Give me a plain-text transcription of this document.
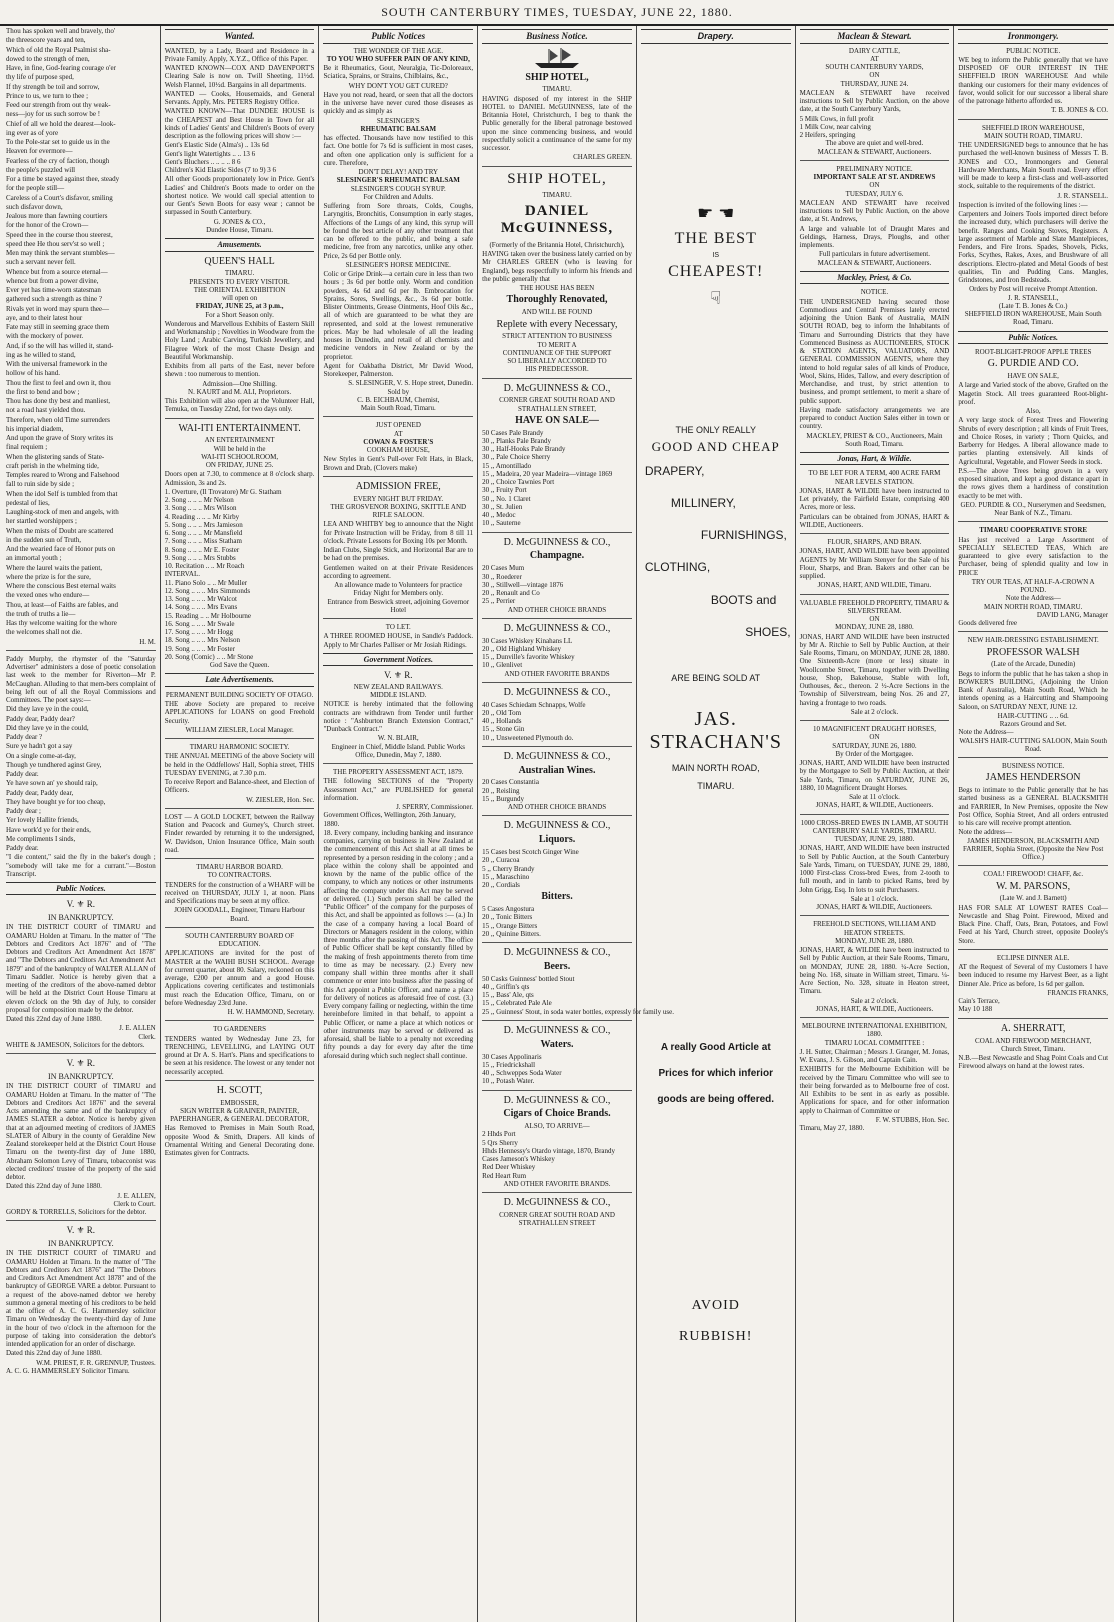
SOUTH CANTERBURY TIMES, TUESDAY, JUNE 22, 1880.

Thou has spoken well and bravely, tho'

the threescore years and ten,

Which of old the Royal Psalmist sha-

dowed to the strength of men,

Have, in fine, God-fearing courage o'er

thy life of purpose sped,

If thy strength be toil and sorrow,

Prince to us, we turn to thee ;

Feed our strength from out thy weak-

ness—joy for us such sorrow be !

Chief of all we hold the dearest—look-

ing ever as of yore

To the Pole-star set to guide us in the

Heaven for evermore—

Fearless of the cry of faction, though

the people's puzzled will

For a time be stayed against thee, steady

for the people still—

Careless of a Court's disfavor, smiling

such disfavor down,

Jealous more than fawning courtiers

for the honor of the Crown—

Speed thee in the course thou steerest,

speed thee He thou serv'st so well ;

Men may think the servant stumbles—

such a servant never fell.

Whence but from a source eternal—

whence but from a power divine,

Ever yet has time-worn statesman

gathered such a strength as thine ?

Rivals yet in word may spurn thee—

aye, and to their latest hour

Fate may still in seeming grace them

with the mockery of power.

And, if so the will has willed it, stand-

ing as he willed to stand,

With the universal framework in the

hollow of his hand.

Thou the first to feel and own it, thou

the first to bend and bow ;

Thou has done thy best and manliest,

not a road hast yielded thou.

Therefore, when old Time surrenders

his imperial diadem,

And upon the grave of Story writes its

final requiem ;

When the glistering sands of State-

craft perish in the whelming tide,

Temples reared to Wrong and Falsehood

fall to ruin side by side ;

When the idol Self is tumbled from that

pedestal of lies,

Laughing-stock of men and angels, with

her startled worshippers ;

When the mists of Doubt are scattered

in the sudden sun of Truth,

And the wearied face of Honor puts on

an immortal youth ;

Where the laurel waits the patient,

where the prize is for the sure,

Where the conscious Best eternal waits

the vexed ones who endure—

Thou, at least—of Faiths are fables, and

the truth of truths a lie—

Has thy welcome waiting for the whore

the welcomes shall not die.

H. M.

Paddy Murphy, the rhymster of the "Saturday Advertiser" administers a dose of poetic consolation last week to the member for Riverton—Mr P. McCaughan. Alluding to that mem-bers complaint of being left out of all the Royal Commissions and Committees. The poet says:—

Did they lave ye in the could,

Paddy dear, Paddy dear?

Did they lave ye in the could,

Paddy dear ?

Sure ye hadn't got a say

On a single come-at-day,

Though ye tundhered aginst Grey,

Paddy dear.

Ye have sown an' ye should raip,

Paddy dear, Paddy dear,

They have bought ye for too cheap,

Paddy dear ;

Yer lovely Hallite friends,

Have work'd ye for their ends,

Me compliments I sinds,

Paddy dear.

"I die content," said the fly in the baker's dough ; "somebody will take me for a currant."—Boston Transcript.

Public Notices.
V. ⚜ R.
IN BANKRUPTCY.

IN THE DISTRICT COURT of TIMARU and OAMARU Holden at Timaru. In the matter of "The Debtors and Creditors Act 1876" and of "The Debtors and Creditors Act Amendment Act 1878" and "The Debtors and Creditors Act Amendment Act 1879" and of the bankruptcy of WALTER ALLAN of Timaru Saddler. Notice is hereby given that a meeting of the creditors of the above-named debtor will be held at the District Court House Timaru at eleven o'clock on the 9th day of July, to consider proposal for composition made by the debtor.

Dated this 22nd day of June 1880.

J. E. ALLEN
Clerk.
WHITE & JAMESON, Solicitors for the debtors.
V. ⚜ R.
IN BANKRUPTCY.

IN THE DISTRICT COURT of TIMARU and OAMARU Holden at Timaru. In the matter of "The Debtors and Creditors Act 1876" and the several Acts amending the same and of the bankruptcy of JAMES SLATER a debtor. Notice is hereby given that at an adjourned meeting of creditors of JAMES SLATER of Albury in the county of Geraldine New Zealand storekeeper held at the District Court House Timaru on the twenty-first day of June 1880, Abraham Solomon Levy of Timaru, tobacconist was elected creditors' trustee of the property of the said debtor.

Dated this 22nd day of June 1880.

J. E. ALLEN,
Clerk to Court.
GORDY & TORRELLS, Solicitors for the debtor.
V. ⚜ R.
IN BANKRUPTCY.

IN THE DISTRICT COURT of TIMARU and OAMARU Holden at Timaru. In the matter of "The Debtors and Creditors Act 1876" and "The Debtors and Creditors Act Amendment Act 1878" and of the bankruptcy of GEORGE VARE a debtor. Pursuant to a request of the above-named debtor we hereby summon a general meeting of his creditors to be held at the office of A. C. G. Hammersley solicitor Timaru on Wednesday the twenty-third day of June in the hour of two o'clock in the afternoon for the purpose of taking into consideration the debtor's intended application for an order of discharge.

Dated this 22nd day of June 1880.

W.M. PRIEST, F. R. GRENNUP, Trustees.
A. C. G. HAMMERSLEY Solicitor Timaru.
Wanted.

WANTED, by a Lady, Board and Residence in a Private Family. Apply, X.Y.Z., Office of this Paper.

WANTED KNOWN—COX AND DAVENPORT'S Clearing Sale is now on. Twill Sheeting, 11½d. Welsh Flannel, 10½d. Bargains in all departments.

WANTED — Cooks, Housemaids, and General Servants. Apply, Mrs. PETERS Registry Office.

WANTED KNOWN—That DUNDEE HOUSE is the CHEAPEST and Best House in Town for all kinds of Ladies' Gents' and Children's Boots of every description as the following prices will show :—

Gent's Elastic Side (Alma's) .. 13s 6d
Gent's light Watertights .. .. 13 6
Gent's Bluchers .. .. .. .. 8 6
Children's Kid Elastic Sides (7 to 9) 3 6

All other Goods proportionately low in Price. Gent's Ladies' and Children's Boots made to order on the shortest notice. We would call special attention to our Gent's Sewn Boots for easy wear ; cannot be surpassed in South Canterbury.

G. JONES & CO.,
Dundee House, Timaru.
Amusements.
QUEEN'S HALL
TIMARU.
PRESENTS TO EVERY VISITOR.
THE ORIENTAL EXHIBITION
will open on
FRIDAY, JUNE 25, at 3 p.m.,
For a Short Season only.

Wonderous and Marvellous Exhibits of Eastern Skill and Workmanship ; Novelties in Woodware from the Holy Land ; Arabic Carving, Turkish Jewellery, and Filagree Work of the most Chaste Design and Beautiful Workmanship.

Exhibits from all parts of the East, never before shewn : too numerous to mention.

Admission—One Shilling.
N. KAURT and M. ALI, Proprietors.

This Exhibition will also open at the Volunteer Hall, Temuka, on Tuesday 22nd, for two days only.

WAI-ITI ENTERTAINMENT.
AN ENTERTAINMENT
Will be held in the
WAI-ITI SCHOOLROOM,
ON FRIDAY, JUNE 25.

Doors open at 7.30, to commence at 8 o'clock sharp. Admission, 3s and 2s.

1. Overture, (Il Trovatore) Mr G. Statham
2. Song .. .. .. Mr Nelson
3. Song .. .. .. Mrs Wilson
4. Reading .. .. .. Mr Kirby
5. Song .. .. .. Mrs Jamieson
6. Song .. .. .. Mr Mansfield
7. Song .. .. .. Miss Statham
8. Song .. .. .. Mr E. Foster
9. Song .. .. .. Mrs Stubbs
10. Recitation .. .. Mr Roach
INTERVAL.
11. Piano Solo .. .. Mr Muller
12. Song .. .. .. Mrs Simmonds
13. Song .. .. .. Mr Walcot
14. Song .. .. .. Mrs Evans
15. Reading .. .. Mr Holbourne
16. Song .. .. .. Mr Swale
17. Song .. .. .. Mr Hogg
18. Song .. .. .. Mrs Nelson
19. Song .. .. .. Mr Foster
20. Song (Comic) .. .. Mr Stone
God Save the Queen.
Late Advertisements.
PERMANENT BUILDING SOCIETY OF OTAGO.

THE above Society are prepared to receive APPLICATIONS for LOANS on good Freehold Security.

WILLIAM ZIESLER, Local Manager.
TIMARU HARMONIC SOCIETY.

THE ANNUAL MEETING of the above Society will be held in the Oddfellows' Hall, Sophia street, THIS TUESDAY EVENING, at 7.30 p.m.

To receive Report and Balance-sheet, and Election of Officers.

W. ZIESLER, Hon. Sec.

LOST — A GOLD LOCKET, between the Railway Station and Peacock and Gurney's, Church street. Finder rewarded by returning it to the undersigned, W. Davidson, Union Insurance Office, Main south road.

TIMARU HARBOR BOARD.
TO CONTRACTORS.

TENDERS for the construction of a WHARF will be received on THURSDAY, JULY 1, at noon. Plans and Specifications may be seen at my office.

JOHN GOODALL, Engineer, Timaru Harbour Board.
SOUTH CANTERBURY BOARD OF EDUCATION.

APPLICATIONS are invited for the post of MASTER at the WAIHI BUSH SCHOOL. Average for current quarter, about 80. Salary, reckoned on this average, £200 per annum and a good House. Applications covering certificates and testimonials must reach the Education Office, Timaru, on or before Wednesday 23rd June.

H. W. HAMMOND, Secretary.
TO GARDENERS

TENDERS wanted by Wednesday June 23, for TRENCHING, LEVELLING, and LAYING OUT ground at Dr A. S. Hart's. Plans and specifications to be seen at his residence. The lowest or any tender not necessarily accepted.

H. SCOTT,
EMBOSSER,
SIGN WRITER & GRAINER, PAINTER, PAPERHANGER, & GENERAL DECORATOR,

Has Removed to Premises in Main South Road, opposite Wood & Smith, Drapers. All kinds of Ornamental Writing and General Decorating done. Estimates given for Contracts.

Public Notices
THE WONDER OF THE AGE.
TO YOU WHO SUFFER PAIN OF ANY KIND,

Be it Rheumatics, Gout, Neuralgia, Tic-Doloreaux, Sciatica, Sprains, or Strains, Chilblains, &c.,

WHY DON'T YOU GET CURED?

Have you not read, heard, or seen that all the doctors in the universe have never cured those diseases as quickly and as simply as

SLESINGER'S
RHEUMATIC BALSAM

has effected. Thousands have now testified to this fact. One bottle for 7s 6d is sufficient in most cases, and often one application only is sufficient for a cure. Therefore,

DON'T DELAY! AND TRY
SLESINGER'S RHEUMATIC BALSAM
SLESINGER'S COUGH SYRUP.
For Children and Adults.

Suffering from Sore throats, Colds, Coughs, Laryngitis, Bronchitis, Consumption in early stages, Affections of the Lungs of any kind, this syrup will be found the best article of any other treatment that can be offered to the public, and being a safe medicine, free from any narcotics, unlike any other. Price, 2s 6d per Bottle only.

SLESINGER'S HORSE MEDICINE.

Colic or Gripe Drink—a certain cure in less than two hours ; 3s 6d per bottle only. Worm and condition powders, 4s 6d and 6d per lb. Embrocation for Sprains, Sores, Swellings, &c., 3s 6d per bottle. Blister Ointments, Grease Ointments, Hoof Oils &c., all of which are guaranteed to be what they are represented, and sold at the lowest remunerative prices. May be had wholesale of all the leading houses in Dunedin, and retail of all chemists and medicine vendors in New Zealand or by the proprietor.

Agent for Oakbatha District, Mr David Wood, Storekeeper, Palmerston.

S. SLESINGER, V. S. Hope street, Dunedin.
Sold by
C. B. EICHBAUM, Chemist,
Main South Road, Timaru.
JUST OPENED
AT
COWAN & FOSTER'S
COOKHAM HOUSE,

New Styles in Gent's Pull-over Felt Hats, in Black, Brown and Drab, (Clovers make)

ADMISSION FREE,
EVERY NIGHT BUT FRIDAY.
THE GROSVENOR BOXING, SKITTLE AND RIFLE SALOON.

LEA AND WHITBY beg to announce that the Night for Private Instruction will be Friday, from 8 till 11 o'clock. Private Lessons for Boxing 10s per Month.

Indian Clubs, Single Stick, and Horizontal Bar are to be had on the premises.

Gentlemen waited on at their Private Residences according to agreement.

An allowance made to Volunteers for practice
Friday Night for Members only.
Entrance from Beswick street, adjoining Governor Hotel
TO LET.

A THREE ROOMED HOUSE, in Sandle's Paddock. Apply to Mr Charles Palliser or Mr Josiah Ridings.

Government Notices.
V. ⚜ R.
NEW ZEALAND RAILWAYS.
MIDDLE ISLAND.

NOTICE is hereby intimated that the following contracts are withdrawn from Tender until further notice : "Ashburton Branch Extension Contract," "Dunback Contract."

W. N. BLAIR,
Engineer in Chief, Middle Island. Public Works Office, Dunedin, May 7, 1880.
THE PROPERTY ASSESSMENT ACT, 1879.

THE following SECTIONS of the "Property Assessment Act," are PUBLISHED for general information.

J. SPERRY, Commissioner.
Government Offices, Wellington, 26th January, 1880.

18. Every company, including banking and insurance companies, carrying on business in New Zealand at the commencement of this Act shall at all times be represented by a person residing in the colony ; and a place within the colony shall be appointed and known by the name of the public office of the company, to which any notices or other instruments affecting the company under this Act may be served or delivered. (1.) Such person shall be called the "Public Officer" of the company for the purposes of this Act, and shall be appointed as follows :— (a.) In the case of a company having a local Board of Directors or Managers resident in the colony, within three months after the passing of this Act. The office of Public Officer shall be kept constantly filled by the making of fresh appointments thereto from time to time as may be necessary. (2.) Every new company shall within three months after it shall commence or enter into business after the passing of this Act appoint a Public Officer, and name a place for delivery of notices as aforesaid free of cost. (3.) Every company failing or neglecting, within the time hereinbefore limited in that behalf, to appoint a Public Officer, or name a place at which notices or other instruments may be served or delivered as aforesaid, shall be liable to a penalty not exceeding fifty pounds a day for every day after the time aforesaid during which such neglect shall continue.

Business Notice.
SHIP HOTEL,
TIMARU.

HAVING disposed of my interest in the SHIP HOTEL to DANIEL McGUINNESS, late of the Britannia Hotel, Christchurch, I beg to thank the Public generally for the liberal patronage bestowed upon me since commencing business, and would respectfully solicit a continuance of the same for my successor.

CHARLES GREEN.
SHIP HOTEL,
TIMARU.
DANIEL McGUINNESS,
(Formerly of the Britannia Hotel, Christchurch),

HAVING taken over the business lately carried on by Mr CHARLES GREEN (who is leaving for England), begs respectfully to inform his friends and the public generally that

THE HOUSE HAS BEEN
Thoroughly Renovated,
AND WILL BE FOUND
Replete with every Necessary,
STRICT ATTENTION TO BUSINESS
TO MERIT A
CONTINUANCE OF THE SUPPORT
SO LIBERALLY ACCORDED TO
HIS PREDECESSOR.
D. McGUINNESS & CO.,
CORNER GREAT SOUTH ROAD AND STRATHALLEN STREET,
HAVE ON SALE—
50 Cases Pale Brandy
30 ,, Planks Pale Brandy
30 ,, Half-Hooks Pale Brandy
30 ,, Pale Choice Sherry
15 ,, Amontillado
15 ,, Madeira, 20 year Madeira—vintage 1869
20 ,, Choice Tawnies Port
30 ,, Fruity Port
50 ,, No. 1 Claret
30 ,, St. Julien
40 ,, Medoc
10 ,, Sauterne
D. McGUINNESS & CO.,
Champagne.
20 Cases Mum
30 ,, Roederer
30 ,, Stillwell—vintage 1876
20 ,, Renault and Co
25 ,, Perrier
AND OTHER CHOICE BRANDS
D. McGUINNESS & CO.,
30 Cases Whiskey Kinahans LL
20 ,, Old Highland Whiskey
15 ,, Dunville's favorite Whiskey
10 ,, Glenlivet
AND OTHER FAVORITE BRANDS
D. McGUINNESS & CO.,
40 Cases Schiedam Schnapps, Wolfe
20 ,, Old Tom
40 ,, Hollands
15 ,, Stone Gin
10 ,, Unsweetened Plymouth do.
D. McGUINNESS & CO.,
Australian Wines.
20 Cases Constantia
20 ,, Reisling
15 ,, Burgundy
AND OTHER CHOICE BRANDS
D. McGUINNESS & CO.,
Liquors.
15 Cases best Scotch Ginger Wine
20 ,, Curacoa
5 ,, Cherry Brandy
15 ,, Maraschino
20 ,, Cordials
Bitters.
5 Cases Angostura
20 ,, Tonic Bitters
15 ,, Orange Bitters
20 ,, Quinine Bitters.
D. McGUINNESS & CO.,
Beers.
50 Casks Guinness' bottled Stout
40 ,, Griffin's qts
15 ,, Bass' Ale, qts
15 ,, Celebrated Pale Ale
25 ,, Guinness' Stout, in soda water bottles, expressly for family use.
D. McGUINNESS & CO.,
Waters.
30 Cases Appolinaris
15 ,, Friedrickshall
40 ,, Schweppes Soda Water
10 ,, Potash Water.
D. McGUINNESS & CO.,
Cigars of Choice Brands.
ALSO, TO ARRIVE—
2 Hhds Port
5 Qrs Sherry
Hhds Hennessy's Otardo vintage, 1870, Brandy
Cases Jameson's Whiskey
Red Deer Whiskey
Red Heart Rum
AND OTHER FAVORITE BRANDS.
D. McGUINNESS & CO.,
CORNER GREAT SOUTH ROAD AND STRATHALLEN STREET
Drapery.
☛ ☚
THE BEST
IS
CHEAPEST!
☟
THE ONLY REALLY
GOOD AND CHEAP
DRAPERY,
MILLINERY,
FURNISHINGS,
CLOTHING,
BOOTS and
SHOES,
ARE BEING SOLD AT
JAS. STRACHAN'S
MAIN NORTH ROAD,
TIMARU.
A really Good Article at
Prices for which inferior
goods are being offered.
AVOID
RUBBISH!
Maclean & Stewart.
DAIRY CATTLE,
AT
SOUTH CANTERBURY YARDS,
ON
THURSDAY, JUNE 24.

MACLEAN & STEWART have received instructions to Sell by Public Auction, on the above date, at the South Canterbury Yards,

5 Milk Cows, in full profit
1 Milk Cow, near calving
2 Heifers, springing
The above are quiet and well-bred.
MACLEAN & STEWART, Auctioneers.
PRELIMINARY NOTICE.
IMPORTANT SALE AT ST. ANDREWS
ON
TUESDAY, JULY 6.

MACLEAN AND STEWART have received instructions to Sell by Public Auction, on the above date, at St. Andrews,

A large and valuable lot of Draught Mares and Geldings, Harness, Drays, Ploughs, and other implements.

Full particulars in future advertisement.
MACLEAN & STEWART, Auctioneers.
Mackley, Priest, & Co.
NOTICE.

THE UNDERSIGNED having secured those Commodious and Central Premises lately erected adjoining the Union Bank of Australia, MAIN SOUTH ROAD, beg to inform the Inhabitants of Timaru and Surrounding Districts that they have Commenced Business as AUCTIONEERS, STOCK & STATION AGENTS, VALUATORS, AND GENERAL COMMISSION AGENTS, where they intend to hold regular sales of all kinds of Produce, Wool, Skins, Hides, Tallow, and every description of Merchandise, and trust, by strict attention to business, and prompt settlement, to merit a share of public support.

Having made satisfactory arrangements we are prepared to conduct Auction Sales either in town or country.

MACKLEY, PRIEST & CO., Auctioneers, Main South Road, Timaru.
Jonas, Hart, & Wildie.
TO BE LET FOR A TERM, 400 ACRE FARM NEAR LEVELS STATION.

JONAS, HART & WILDIE have been instructed to Let privately, the Fairfield Estate, comprising 400 Acres, more or less.

Particulars can be obtained from JONAS, HART & WILDIE, Auctioneers.

FLOUR, SHARPS, AND BRAN.

JONAS, HART, AND WILDIE have been appointed AGENTS by Mr William Stenyer for the Sale of his Flour, Sharps, and Bran. Bakers and other can be supplied.

JONAS, HART, AND WILDIE, Timaru.
VALUABLE FREEHOLD PROPERTY, TIMARU & SILVERSTREAM.
ON
MONDAY, JUNE 28, 1880.

JONAS, HART AND WILDIE have been instructed by Mr A. Ritchie to Sell by Public Auction, at their Sale Rooms, Timaru, on MONDAY, JUNE 28, 1880. One Sixteenth-Acre (more or less) situate in Woollcombe Street, Timaru, together with Dwelling house, Shop, Bakehouse, Stable with loft, Outhouses, &c., thereon. 2 ½-Acre Sections in the Township of Silverstream, being Nos. 26 and 27, having a frontage to two roads.

Sale at 2 o'clock.
10 MAGNIFICENT DRAUGHT HORSES,
ON
SATURDAY, JUNE 26, 1880.
By Order of the Mortgagee.

JONAS, HART, AND WILDIE have been instructed by the Mortgagee to Sell by Public Auction, at their Sale Yards, Timaru, on SATURDAY, JUNE 26, 1880, 10 Magnificent Draught Horses.

Sale at 11 o'clock.
JONAS, HART, & WILDIE, Auctioneers.
1000 CROSS-BRED EWES IN LAMB, AT SOUTH CANTERBURY SALE YARDS, TIMARU.
TUESDAY, JUNE 29, 1880.

JONAS, HART, AND WILDIE have been instructed to Sell by Public Auction, at the South Canterbury Sale Yards, Timaru, on TUESDAY, JUNE 29, 1880, 1000 First-class Cross-bred Ewes, from 2-tooth to full mouth, and in lamb to picked Rams, bred by John Grigg, Esq. In lots to suit Purchasers.

Sale at 1 o'clock.
JONAS, HART & WILDIE, Auctioneers.
FREEHOLD SECTIONS, WILLIAM AND HEATON STREETS.
MONDAY, JUNE 28, 1880.

JONAS, HART, & WILDIE have been instructed to Sell by Public Auction, at their Sale Rooms, Timaru, on MONDAY, JUNE 28, 1880. ¼-Acre Section, being No. 168, situate in William street, Timaru. ¼-Acre Section, No. 328, situate in Heaton street, Timaru.

Sale at 2 o'clock.
JONAS, HART, & WILDIE, Auctioneers.
MELBOURNE INTERNATIONAL EXHIBITION, 1880.
TIMARU LOCAL COMMITTEE :

J. H. Sutter, Chairman ; Messrs J. Granger, M. Jonas, W. Evans, J. S. Gibson, and Captain Cain.

EXHIBITS for the Melbourne Exhibition will be received by the Timaru Committee who will see to their being forwarded as to Melbourne free of cost. All Exhibits to be sent in as early as possible. Applications for space, and for other information apply to Chairman of Committee or

F. W. STUBBS, Hon. Sec.
Timaru, May 27, 1880.
Ironmongery.
PUBLIC NOTICE.

WE beg to inform the Public generally that we have DISPOSED OF OUR INTEREST IN THE SHEFFIELD IRON WAREHOUSE And while thanking our customers for their many evidences of favor, would solicit for our successor a liberal share of the patronage hitherto afforded us.

T. B. JONES & CO.
SHEFFIELD IRON WAREHOUSE,
MAIN SOUTH ROAD, TIMARU.

THE UNDERSIGNED begs to announce that he has purchased the well-known business of Messrs T. B. JONES and CO., Ironmongers and General Hardware Merchants, Main South road. Every effort will be made to keep a first-class and well-assorted stock, suitable to the requirements of the district.

J. R. STANSELL.

Inspection is invited of the following lines :—

Carpenters and Joiners Tools imported direct before the increased duty, which purchasers will derive the benefit. Ranges and Cooking Stoves, Registers. A large assortment of Marble and Slate Mantelpieces, Fenders, and Fire Irons. Spades, Shovels, Picks, Forks, Scythes, Rakes, Axes, and Brushware of all descriptions. Electro-plated and Metal Goods of best qualities, Tin and Pudding Cans. Mangles, Grindstones, and Iron Bedsteads.

Orders by Post will receive Prompt Attention.
J. R. STANSELL,
(Late T. B. Jones & Co.)
SHEFFIELD IRON WAREHOUSE, Main South Road, Timaru.
Public Notices.
ROOT-BLIGHT-PROOF APPLE TREES
G. PURDIE AND CO.
HAVE ON SALE,

A large and Varied stock of the above, Grafted on the Magetin Stock. All trees guaranteed Root-blight-proof.

Also,

A very large stock of Forest Trees and Flowering Shrubs of every description ; all kinds of Fruit Trees, and Choice Roses, in variety ; Thorn Quicks, and Barberry for Hedges. A liberal allowance made to parties planting extensively. All kinds of Agricultural, Vegetable, and Flower Seeds in stock.

P.S.—The above Trees being grown in a very exposed situation, and kept a good distance apart in the rows gives them a hardiness of constitution exactly to be met with.

GEO. PURDIE & CO., Nurserymen and Seedsmen, Near Bank of N.Z., Timaru.
TIMARU COOPERATIVE STORE

Has just received a Large Assortment of SPECIALLY SELECTED TEAS, Which are guaranteed to give every satisfaction to the Purchaser, being of splendid quality and low in PRICE

TRY OUR TEAS, AT HALF-A-CROWN A POUND.
Note the Address—
MAIN NORTH ROAD, TIMARU.
DAVID LANG, Manager
Goods delivered free
NEW HAIR-DRESSING ESTABLISHMENT.
PROFESSOR WALSH
(Late of the Arcade, Dunedin)

Begs to inform the public that he has taken a shop in BOWKER'S BUILDING, (Adjoining the Union Bank of Australia), Main South Road, Which he intends opening as a Haircutting and Shampooing Saloon, on SATURDAY NEXT, JUNE 12.

HAIR-CUTTING .. .. 6d.
Razors Ground and Set.
Note the Address—
WALSH'S HAIR-CUTTING SALOON, Main South Road.
BUSINESS NOTICE.
JAMES HENDERSON

Begs to intimate to the Public generally that he has started business as a GENERAL BLACKSMITH and FARRIER, In New Premises, opposite the New Post Office, Sophia Street, And all orders entrusted to his care will receive prompt attention.

Note the address—
JAMES HENDERSON, BLACKSMITH AND FARRIER, Sophia Street, (Opposite the New Post Office.)
COAL! FIREWOOD! CHAFF, &c.
W. M. PARSONS,
(Late W. and J. Barnett)

HAS FOR SALE AT LOWEST RATES Coal—Newcastle and Shag Point. Firewood, Mixed and Black Pine. Chaff, Oats, Bran, Potatoes, and Fowl Feed at his Yard, Church street, opposite Dooley's Store.

ECLIPSE DINNER ALE.

AT the Request of Several of my Customers I have been induced to resume my Harvest Beer, as a light Dinner Ale. Price as before, 1s 6d per gallon.

FRANCIS FRANKS,
Cain's Terrace,
May 10 188
A. SHERRATT,
COAL AND FIREWOOD MERCHANT,
Church Street, Timaru.

N.B.—Best Newcastle and Shag Point Coals and Cut Firewood always on hand at the lowest rates.
